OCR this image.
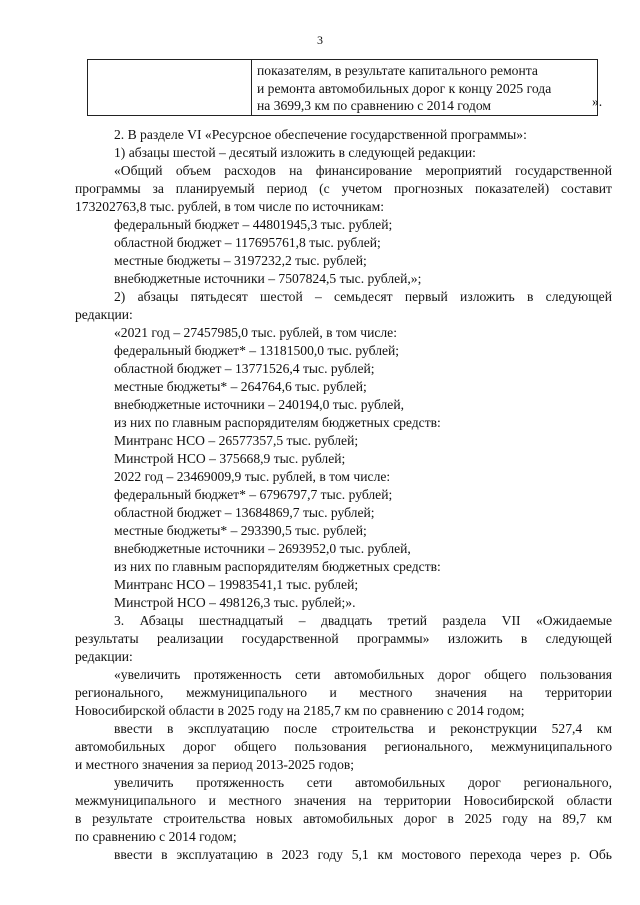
3

показателям, в результате капитального ремонта
и ремонта автомобильных дорог к концу 2025 года
на 3699,3 км по сравнению с 2014 годом	».
2. В разделе VI «Ресурсное обеспечение государственной программы»:
1) абзацы шестой – десятый изложить в следующей редакции:
«Общий объем расходов на финансирование мероприятий государственной
программы за планируемый период (с учетом прогнозных показателей) составит
173202763,8 тыс. рублей, в том числе по источникам:
федеральный бюджет – 44801945,3 тыс. рублей;
областной бюджет – 117695761,8 тыс. рублей;
местные бюджеты – 3197232,2 тыс. рублей;
внебюджетные источники – 7507824,5 тыс. рублей,»;
2) абзацы пятьдесят шестой – семьдесят первый изложить в следующей
редакции:
«2021 год – 27457985,0 тыс. рублей, в том числе:
федеральный бюджет* – 13181500,0 тыс. рублей;
областной бюджет – 13771526,4 тыс. рублей;
местные бюджеты* – 264764,6 тыс. рублей;
внебюджетные источники – 240194,0 тыс. рублей,
из них по главным распорядителям бюджетных средств:
Минтранс НСО – 26577357,5 тыс. рублей;
Минстрой НСО – 375668,9 тыс. рублей;
2022 год – 23469009,9 тыс. рублей, в том числе:
федеральный бюджет* – 6796797,7 тыс. рублей;
областной бюджет – 13684869,7 тыс. рублей;
местные бюджеты* – 293390,5 тыс. рублей;
внебюджетные источники – 2693952,0 тыс. рублей,
из них по главным распорядителям бюджетных средств:
Минтранс НСО – 19983541,1 тыс. рублей;
Минстрой НСО – 498126,3 тыс. рублей;».
3. Абзацы шестнадцатый – двадцать третий раздела VII «Ожидаемые
результаты реализации государственной программы» изложить в следующей
редакции:
«увеличить протяженность сети автомобильных дорог общего пользования
регионального, межмуниципального и местного значения на территории
Новосибирской области в 2025 году на 2185,7 км по сравнению с 2014 годом;
ввести в эксплуатацию после строительства и реконструкции 527,4 км
автомобильных дорог общего пользования регионального, межмуниципального
и местного значения за период 2013-2025 годов;
увеличить протяженность сети автомобильных дорог регионального,
межмуниципального и местного значения на территории Новосибирской области
в результате строительства новых автомобильных дорог в 2025 году на 89,7 км
по сравнению с 2014 годом;
ввести в эксплуатацию в 2023 году 5,1 км мостового перехода через р. Обь
